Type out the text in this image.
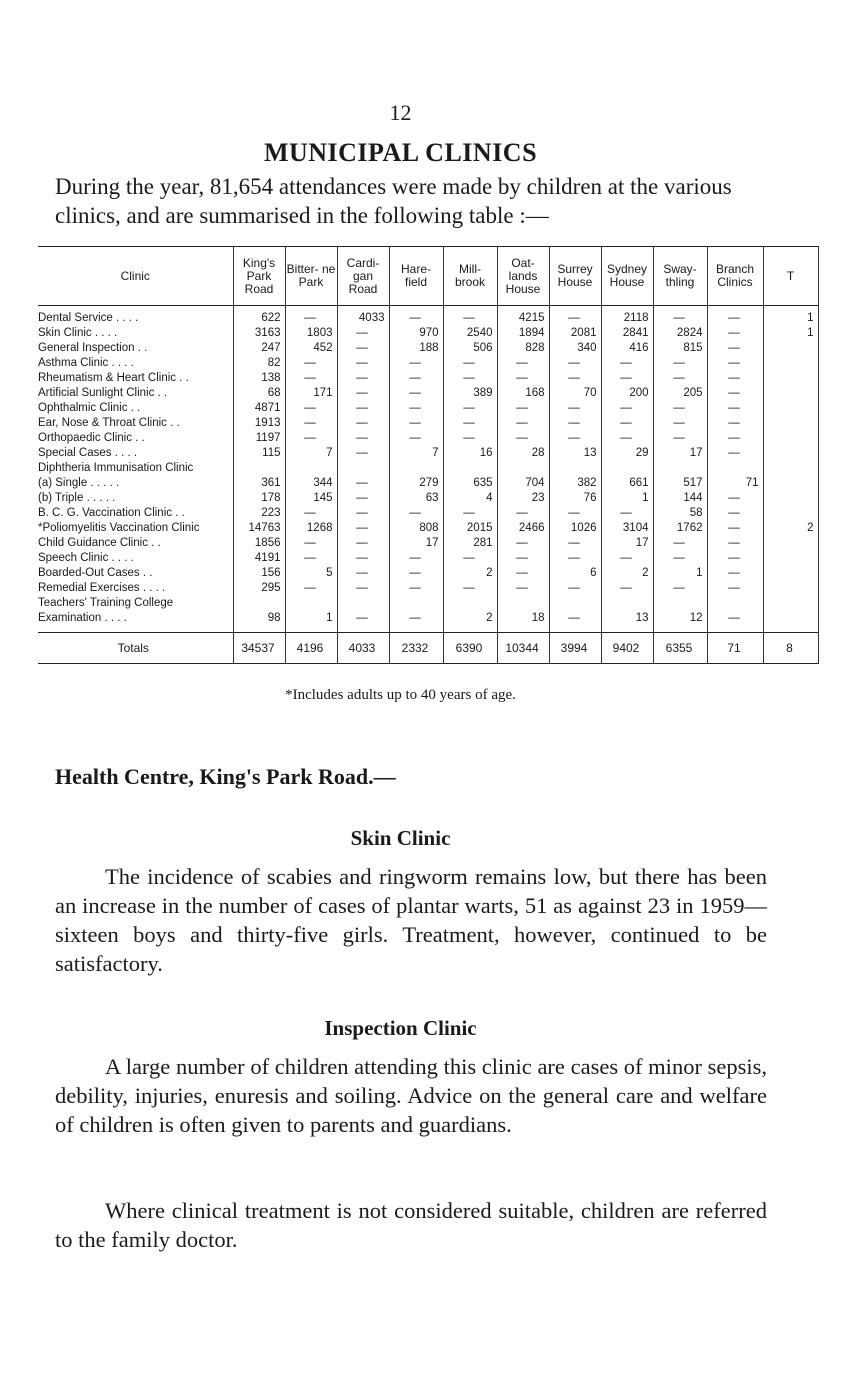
12
MUNICIPAL CLINICS
During the year, 81,654 attendances were made by children at the various clinics, and are summarised in the following table :—
Clinic	King's Park Road	Bitter- ne Park	Cardi- gan Road	Hare- field	Mill- brook	Oat- lands House	Surrey House	Sydney House	Sway- thling	Branch Clinics	T
Dental Service . . . .	622	—	4033	—	—	4215	—	2118	—	—	1
Skin Clinic . . . .	3163	1803	—	970	2540	1894	2081	2841	2824	—	1
General Inspection . .	247	452	—	188	506	828	340	416	815	—	
Asthma Clinic . . . .	82	—	—	—	—	—	—	—	—	—	
Rheumatism & Heart Clinic . .	138	—	—	—	—	—	—	—	—	—	
Artificial Sunlight Clinic . .	68	171	—	—	389	168	70	200	205	—	
Ophthalmic Clinic . .	4871	—	—	—	—	—	—	—	—	—	
Ear, Nose & Throat Clinic . .	1913	—	—	—	—	—	—	—	—	—	
Orthopaedic Clinic . .	1197	—	—	—	—	—	—	—	—	—	
Special Cases . . . .	115	7	—	7	16	28	13	29	17	—	
Diphtheria Immunisation Clinic											
(a) Single . . . . .	361	344	—	279	635	704	382	661	517	71	
(b) Triple . . . . .	178	145	—	63	4	23	76	1	144	—	
B. C. G. Vaccination Clinic . .	223	—	—	—	—	—	—	—	58	—	
*Poliomyelitis Vaccination Clinic	14763	1268	—	808	2015	2466	1026	3104	1762	—	2
Child Guidance Clinic . .	1856	—	—	17	281	—	—	17	—	—	
Speech Clinic . . . .	4191	—	—	—	—	—	—	—	—	—	
Boarded-Out Cases . .	156	5	—	—	2	—	6	2	1	—	
Remedial Exercises . . . .	295	—	—	—	—	—	—	—	—	—	
Teachers' Training College											
Examination . . . .	98	1	—	—	2	18	—	13	12	—	
Totals	34537	4196	4033	2332	6390	10344	3994	9402	6355	71	8
*Includes adults up to 40 years of age.
Health Centre, King's Park Road.—
Skin Clinic
The incidence of scabies and ringworm remains low, but there has been an increase in the number of cases of plantar warts, 51 as against 23 in 1959—sixteen boys and thirty-five girls. Treatment, however, continued to be satisfactory.
Inspection Clinic
A large number of children attending this clinic are cases of minor sepsis, debility, injuries, enuresis and soiling. Advice on the general care and welfare of children is often given to parents and guardians.
Where clinical treatment is not considered suitable, children are referred to the family doctor.
